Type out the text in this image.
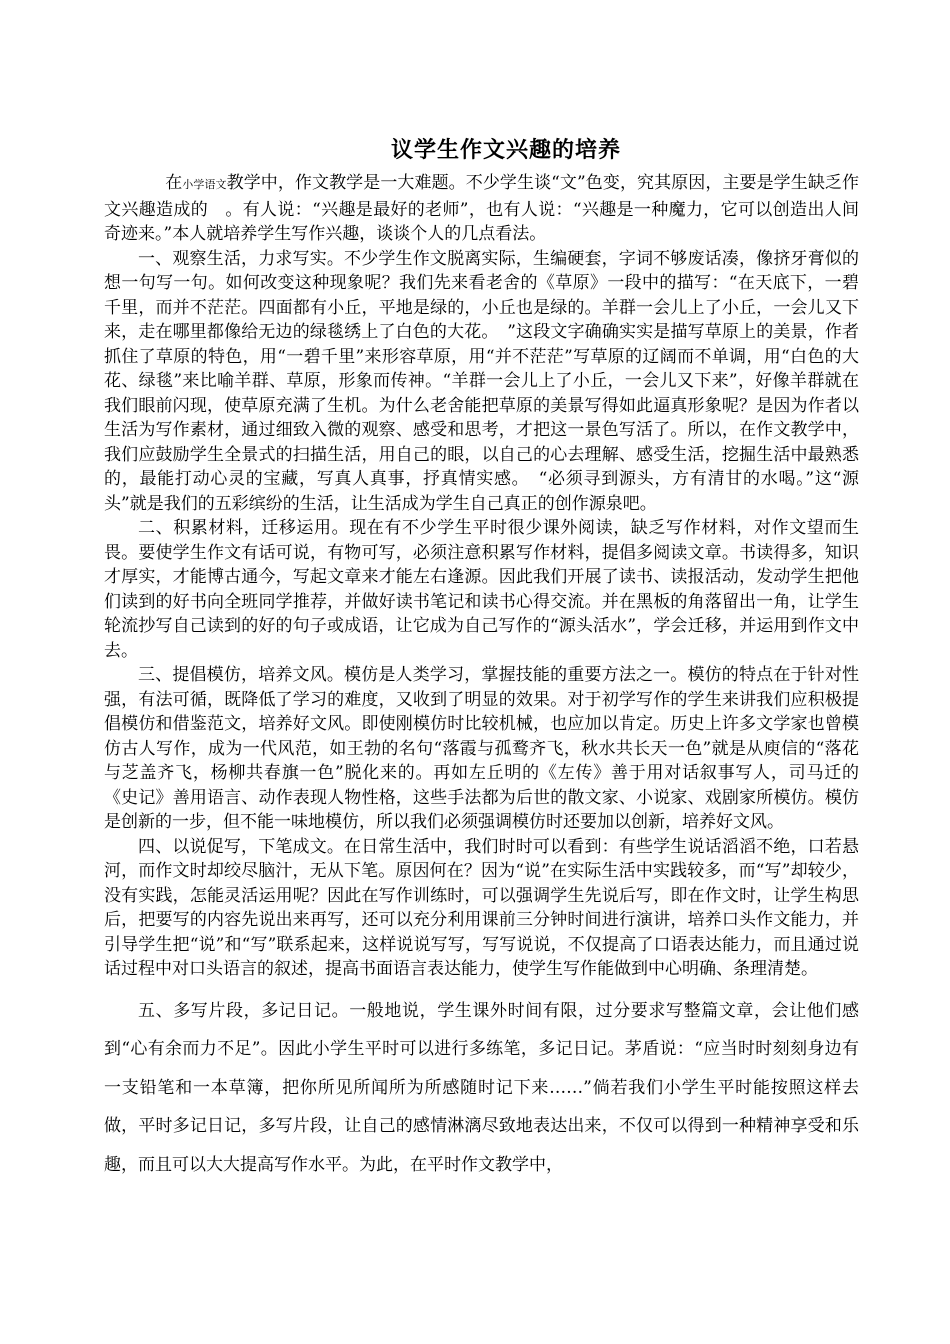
议学生作文兴趣的培养

在小学语文教学中，作文教学是一大难题。不少学生谈“文”色变，究其原因，主要是学生缺乏作文兴趣造成的　。有人说：“兴趣是最好的老师”，也有人说：“兴趣是一种魔力，它可以创造出人间奇迹来。”本人就培养学生写作兴趣，谈谈个人的几点看法。

一、观察生活，力求写实。不少学生作文脱离实际，生编硬套，字词不够废话凑，像挤牙膏似的想一句写一句。如何改变这种现象呢？我们先来看老舍的《草原》一段中的描写：“在天底下，一碧千里，而并不茫茫。四面都有小丘，平地是绿的，小丘也是绿的。羊群一会儿上了小丘，一会儿又下来，走在哪里都像给无边的绿毯绣上了白色的大花。　”这段文字确确实实是描写草原上的美景，作者抓住了草原的特色，用“一碧千里”来形容草原，用“并不茫茫”写草原的辽阔而不单调，用“白色的大花、绿毯”来比喻羊群、草原，形象而传神。“羊群一会儿上了小丘，一会儿又下来”，好像羊群就在我们眼前闪现，使草原充满了生机。为什么老舍能把草原的美景写得如此逼真形象呢？是因为作者以生活为写作素材，通过细致入微的观察、感受和思考，才把这一景色写活了。所以，在作文教学中，我们应鼓励学生全景式的扫描生活，用自己的眼，以自己的心去理解、感受生活，挖掘生活中最熟悉的，最能打动心灵的宝藏，写真人真事，抒真情实感。　“必须寻到源头，方有清甘的水喝。”这“源头”就是我们的五彩缤纷的生活，让生活成为学生自己真正的创作源泉吧。

二、积累材料，迁移运用。现在有不少学生平时很少课外阅读，缺乏写作材料，对作文望而生畏。要使学生作文有话可说，有物可写，必须注意积累写作材料，提倡多阅读文章。书读得多，知识才厚实，才能博古通今，写起文章来才能左右逢源。因此我们开展了读书、读报活动，发动学生把他们读到的好书向全班同学推荐，并做好读书笔记和读书心得交流。并在黑板的角落留出一角，让学生轮流抄写自己读到的好的句子或成语，让它成为自己写作的“源头活水”，学会迁移，并运用到作文中去。

三、提倡模仿，培养文风。模仿是人类学习，掌握技能的重要方法之一。模仿的特点在于针对性强，有法可循，既降低了学习的难度，又收到了明显的效果。对于初学写作的学生来讲我们应积极提倡模仿和借鉴范文，培养好文风。即使刚模仿时比较机械，也应加以肯定。历史上许多文学家也曾模仿古人写作，成为一代风范，如王勃的名句“落霞与孤鹜齐飞，秋水共长天一色”就是从庾信的“落花与芝盖齐飞，杨柳共春旗一色”脱化来的。再如左丘明的《左传》善于用对话叙事写人，司马迁的《史记》善用语言、动作表现人物性格，这些手法都为后世的散文家、小说家、戏剧家所模仿。模仿是创新的一步，但不能一味地模仿，所以我们必须强调模仿时还要加以创新，培养好文风。

四、以说促写，下笔成文。在日常生活中，我们时时可以看到：有些学生说话滔滔不绝，口若悬河，而作文时却绞尽脑汁，无从下笔。原因何在？因为“说”在实际生活中实践较多，而“写”却较少，没有实践，怎能灵活运用呢？因此在写作训练时，可以强调学生先说后写，即在作文时，让学生构思后，把要写的内容先说出来再写，还可以充分利用课前三分钟时间进行演讲，培养口头作文能力，并引导学生把“说”和“写”联系起来，这样说说写写，写写说说，不仅提高了口语表达能力，而且通过说话过程中对口头语言的叙述，提高书面语言表达能力，使学生写作能做到中心明确、条理清楚。

五、多写片段，多记日记。一般地说，学生课外时间有限，过分要求写整篇文章，会让他们感到“心有余而力不足”。因此小学生平时可以进行多练笔，多记日记。茅盾说：“应当时时刻刻身边有一支铅笔和一本草簿，把你所见所闻所为所感随时记下来……”倘若我们小学生平时能按照这样去做，平时多记日记，多写片段，让自己的感情淋漓尽致地表达出来，不仅可以得到一种精神享受和乐趣，而且可以大大提高写作水平。为此，在平时作文教学中，
